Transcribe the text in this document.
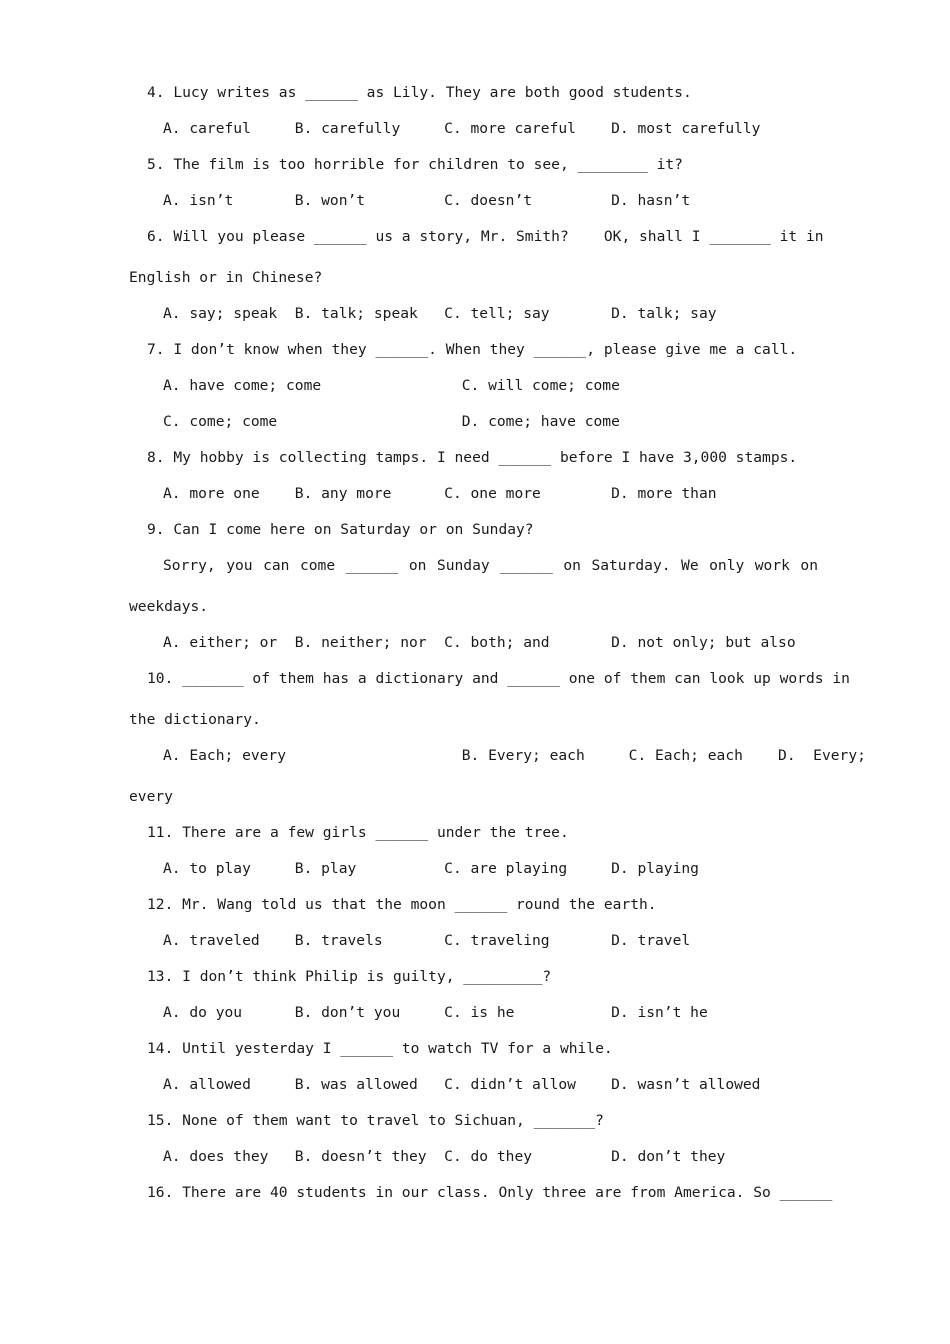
4. Lucy writes as ______ as Lily. They are both good students.
A. careful     B. carefully     C. more careful    D. most carefully
5. The film is too horrible for children to see, ________ it?
A. isn’t       B. won’t         C. doesn’t         D. hasn’t
6. Will you please ______ us a story, Mr. Smith?    OK, shall I _______ it in
English or in Chinese?
A. say; speak  B. talk; speak   C. tell; say       D. talk; say
7. I don’t know when they ______. When they ______, please give me a call.
A. have come; come                C. will come; come
C. come; come                     D. come; have come
8. My hobby is collecting tamps. I need ______ before I have 3,000 stamps.
A. more one    B. any more      C. one more        D. more than
9. Can I come here on Saturday or on Sunday?
Sorry, you can come ______ on Sunday ______ on Saturday. We only work on
weekdays.
A. either; or  B. neither; nor  C. both; and       D. not only; but also
10. _______ of them has a dictionary and ______ one of them can look up words in
the dictionary.
A. Each; every                    B. Every; each     C. Each; each    D.  Every;
every
11. There are a few girls ______ under the tree.
A. to play     B. play          C. are playing     D. playing
12. Mr. Wang told us that the moon ______ round the earth.
A. traveled    B. travels       C. traveling       D. travel
13. I don’t think Philip is guilty, _________?
A. do you      B. don’t you     C. is he           D. isn’t he
14. Until yesterday I ______ to watch TV for a while.
A. allowed     B. was allowed   C. didn’t allow    D. wasn’t allowed
15. None of them want to travel to Sichuan, _______?
A. does they   B. doesn’t they  C. do they         D. don’t they
16. There are 40 students in our class. Only three are from America. So ______
